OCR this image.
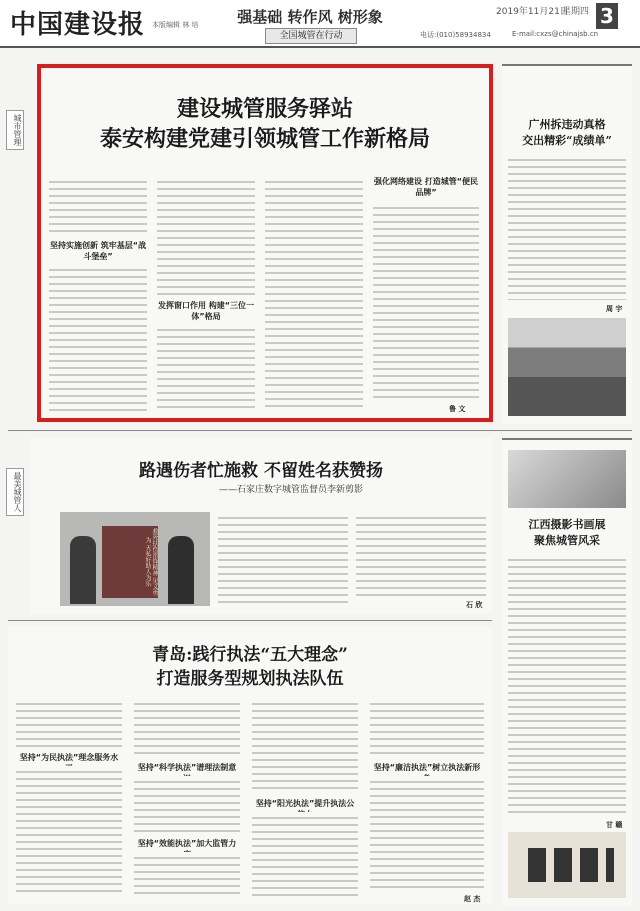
中国建设报 本版编辑 林 培	强基础 转作风 树形象
全国城管在行动
2019年11月21日
星期四 3
电话:(010)58934834	E-mail:cxzs@chinajsb.cn
城市管理
最美城管人
建设城管服务驿站
泰安构建党建引领城管工作新格局
坚持实施创新 筑牢基层“战斗堡垒”
发挥窗口作用 构建“三位一体”格局
强化网络建设 打造城管“便民品牌”
鲁 文
广州拆违动真格
交出精彩“成绩单”
周 宇
路遇伤者忙施救 不留姓名获赞扬
——石家庄数字城管监督员李新剪影
救死扶伤雷锋精神 见义勇为 天私好助人为乐
石 欣
江西摄影书画展
聚焦城管风采
甘 赣
青岛:践行执法“五大理念”
打造服务型规划执法队伍
坚持“为民执法”理念服务水
坚持“科学执法”谱理法制意
坚持“效能执法”加大监管力
坚持“阳光执法”提升执法公
坚持“廉洁执法”树立执法新形
赵 杰
